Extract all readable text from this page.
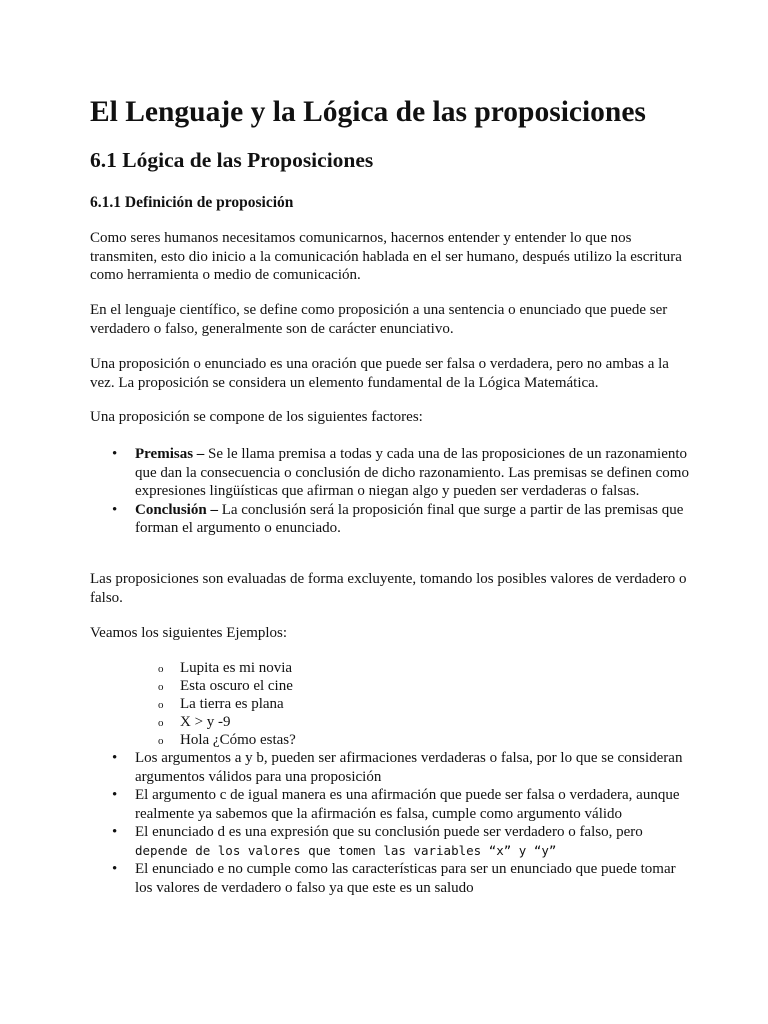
El Lenguaje y la Lógica de las proposiciones
6.1 Lógica de las Proposiciones
6.1.1 Definición de proposición

Como seres humanos necesitamos comunicarnos, hacernos entender y entender lo que nos transmiten, esto dio inicio a la comunicación hablada en el ser humano, después utilizo la escritura como herramienta o medio de comunicación.

En el lenguaje científico, se define como proposición a una sentencia o enunciado que puede ser verdadero o falso, generalmente son de carácter enunciativo.

Una proposición o enunciado es una oración que puede ser falsa o verdadera, pero no ambas a la vez. La proposición se considera un elemento fundamental de la Lógica Matemática.

Una proposición se compone de los siguientes factores:

• Premisas – Se le llama premisa a todas y cada una de las proposiciones de un razonamiento que dan la consecuencia o conclusión de dicho razonamiento. Las premisas se definen como expresiones lingüísticas que afirman o niegan algo y pueden ser verdaderas o falsas.
• Conclusión – La conclusión será la proposición final que surge a partir de las premisas que forman el argumento o enunciado.

Las proposiciones son evaluadas de forma excluyente, tomando los posibles valores de verdadero o falso.

Veamos los siguientes Ejemplos:

o Lupita es mi novia
o Esta oscuro el cine
o La tierra es plana
o X > y -9
o Hola ¿Cómo estas?
• Los argumentos a y b, pueden ser afirmaciones verdaderas o falsa, por lo que se consideran argumentos válidos para una proposición
• El argumento c de igual manera es una afirmación que puede ser falsa o verdadera, aunque realmente ya sabemos que la afirmación es falsa, cumple como argumento válido
• El enunciado d es una expresión que su conclusión puede ser verdadero o falso, pero depende de los valores que tomen las variables “x” y “y”
• El enunciado e no cumple como las características para ser un enunciado que puede tomar los valores de verdadero o falso ya que este es un saludo
